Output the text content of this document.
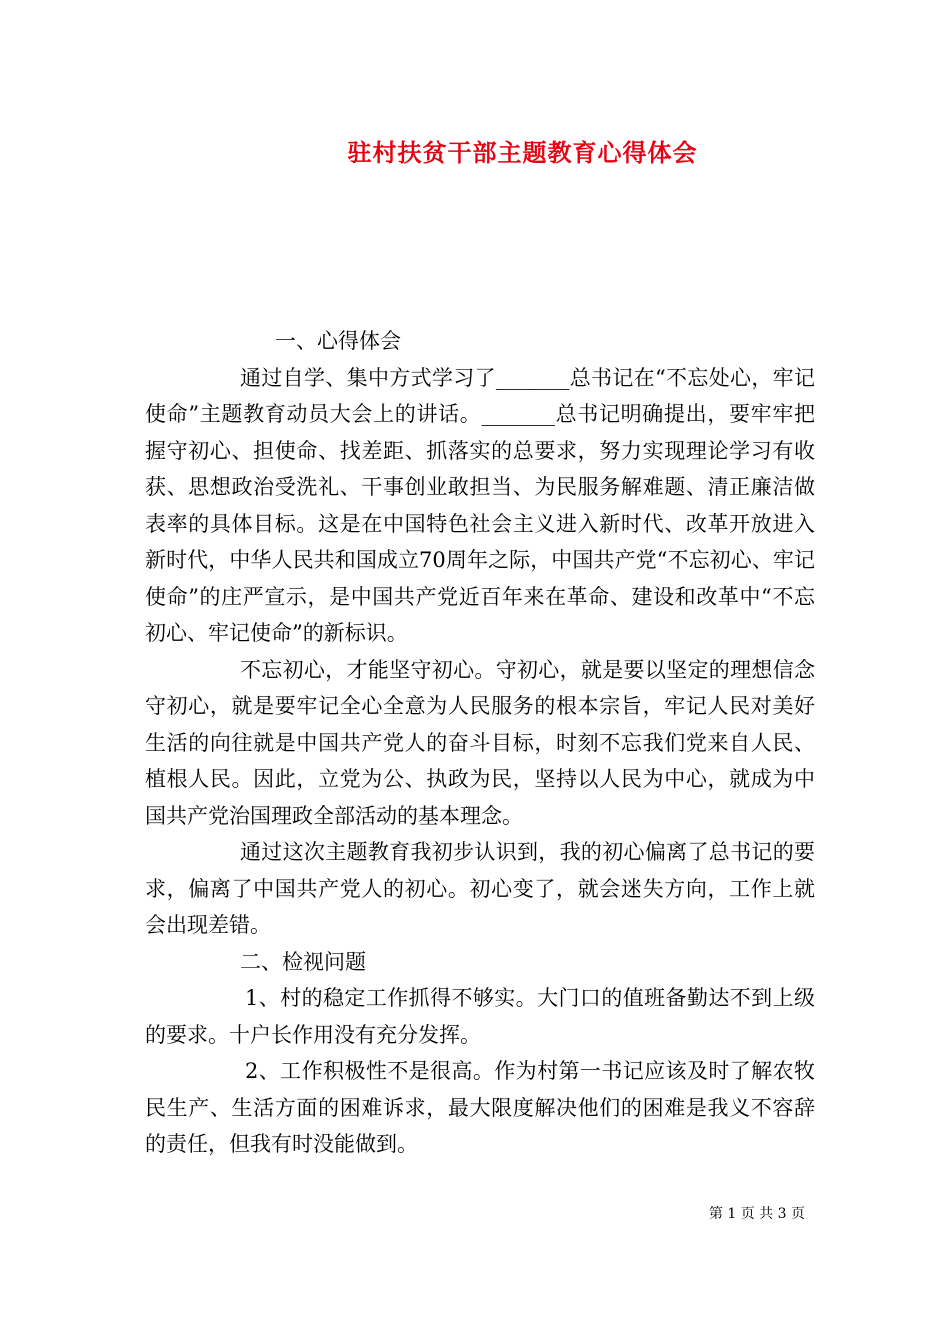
驻村扶贫干部主题教育心得体会

一、心得体会

通过自学、集中方式学习了_______总书记在“不忘处心，牢记使命”主题教育动员大会上的讲话。_______总书记明确提出，要牢牢把握守初心、担使命、找差距、抓落实的总要求，努力实现理论学习有收获、思想政治受洗礼、干事创业敢担当、为民服务解难题、清正廉洁做表率的具体目标。这是在中国特色社会主义进入新时代、改革开放进入新时代，中华人民共和国成立70周年之际，中国共产党“不忘初心、牢记使命”的庄严宣示，是中国共产党近百年来在革命、建设和改革中“不忘初心、牢记使命”的新标识。

不忘初心，才能坚守初心。守初心，就是要以坚定的理想信念守初心，就是要牢记全心全意为人民服务的根本宗旨，牢记人民对美好生活的向往就是中国共产党人的奋斗目标，时刻不忘我们党来自人民、植根人民。因此，立党为公、执政为民，坚持以人民为中心，就成为中国共产党治国理政全部活动的基本理念。

通过这次主题教育我初步认识到，我的初心偏离了总书记的要求，偏离了中国共产党人的初心。初心变了，就会迷失方向，工作上就会出现差错。

二、检视问题

1、村的稳定工作抓得不够实。大门口的值班备勤达不到上级的要求。十户长作用没有充分发挥。

2、工作积极性不是很高。作为村第一书记应该及时了解农牧民生产、生活方面的困难诉求，最大限度解决他们的困难是我义不容辞的责任，但我有时没能做到。

第 1 页 共 3 页
